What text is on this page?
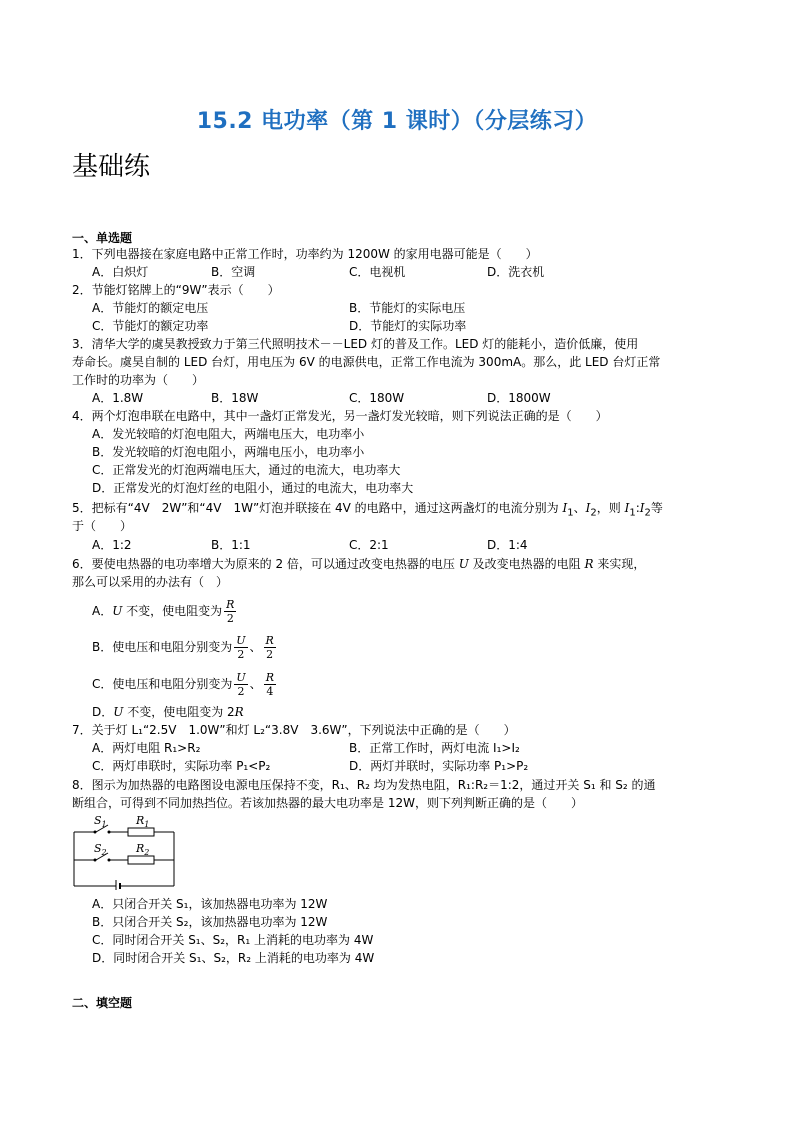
15.2 电功率（第 1 课时）（分层练习）
基础练
一、单选题
1．下列电器接在家庭电路中正常工作时，功率约为 1200W 的家用电器可能是（　　）
A．白炽灯	B．空调	C．电视机	D．洗衣机
2．节能灯铭牌上的“9W”表示（　　）
A．节能灯的额定电压	B．节能灯的实际电压
C．节能灯的额定功率	D．节能灯的实际功率
3．清华大学的虞昊教授致力于第三代照明技术－－LED 灯的普及工作。LED 灯的能耗小，造价低廉，使用
寿命长。虞昊自制的 LED 台灯，用电压为 6V 的电源供电，正常工作电流为 300mA。那么，此 LED 台灯正常
工作时的功率为（　　）
A．1.8W	B．18W	C．180W	D．1800W
4．两个灯泡串联在电路中，其中一盏灯正常发光，另一盏灯发光较暗，则下列说法正确的是（　　）
A．发光较暗的灯泡电阻大，两端电压大，电功率小
B．发光较暗的灯泡电阻小，两端电压小，电功率小
C．正常发光的灯泡两端电压大，通过的电流大，电功率大
D．正常发光的灯泡灯丝的电阻小，通过的电流大，电功率大
5．把标有“4V　2W”和“4V　1W”灯泡并联接在 4V 的电路中，通过这两盏灯的电流分别为 $I_1$、$I_2$，则 $I_1:I_2$等
于（　　）
A．1:2	B．1:1	C．2:1	D．1:4
6．要使电热器的电功率增大为原来的 2 倍，可以通过改变电热器的电压 U 及改变电热器的电阻 R 来实现，
那么可以采用的办法有（　）
A．U 不变，使电阻变为 $\frac{R}{2}$
B．使电压和电阻分别变为 $\frac{U}{2}$ 、 $\frac{R}{2}$
C．使电压和电阻分别变为 $\frac{U}{2}$ 、 $\frac{R}{4}$
D．U 不变，使电阻变为 2R
7．关于灯 L₁“2.5V　1.0W”和灯 L₂“3.8V　3.6W”，下列说法中正确的是（　　）
A．两灯电阻 R₁>R₂	B．正常工作时，两灯电流 I₁>I₂
C．两灯串联时，实际功率 P₁<P₂	D．两灯并联时，实际功率 P₁>P₂
8．图示为加热器的电路图设电源电压保持不变，R₁、R₂ 均为发热电阻，R₁:R₂＝1:2，通过开关 S₁ 和 S₂ 的通
断组合，可得到不同加热挡位。若该加热器的最大电功率是 12W，则下列判断正确的是（　　）
$S_1$	$R_1$
$S_2$	$R_2$
A．只闭合开关 S₁，该加热器电功率为 12W
B．只闭合开关 S₂，该加热器电功率为 12W
C．同时闭合开关 S₁、S₂，R₁ 上消耗的电功率为 4W
D．同时闭合开关 S₁、S₂，R₂ 上消耗的电功率为 4W
二、填空题
